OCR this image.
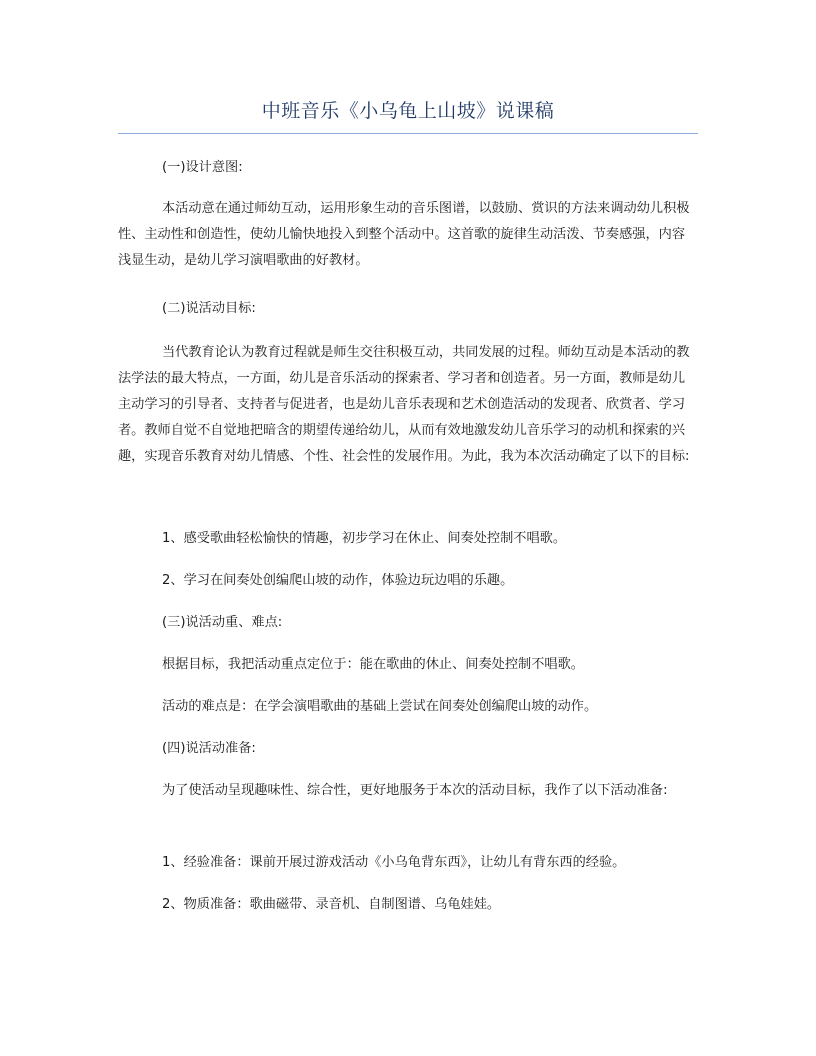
中班音乐《小乌龟上山坡》说课稿

(一)设计意图:

本活动意在通过师幼互动，运用形象生动的音乐图谱，以鼓励、赏识的方法来调动幼儿积极性、主动性和创造性，使幼儿愉快地投入到整个活动中。这首歌的旋律生动活泼、节奏感强，内容浅显生动，是幼儿学习演唱歌曲的好教材。

(二)说活动目标:

当代教育论认为教育过程就是师生交往积极互动，共同发展的过程。师幼互动是本活动的教法学法的最大特点，一方面，幼儿是音乐活动的探索者、学习者和创造者。另一方面，教师是幼儿主动学习的引导者、支持者与促进者，也是幼儿音乐表现和艺术创造活动的发现者、欣赏者、学习者。教师自觉不自觉地把暗含的期望传递给幼儿，从而有效地激发幼儿音乐学习的动机和探索的兴趣，实现音乐教育对幼儿情感、个性、社会性的发展作用。为此，我为本次活动确定了以下的目标:

1、感受歌曲轻松愉快的情趣，初步学习在休止、间奏处控制不唱歌。

2、学习在间奏处创编爬山坡的动作，体验边玩边唱的乐趣。

(三)说活动重、难点:

根据目标，我把活动重点定位于：能在歌曲的休止、间奏处控制不唱歌。

活动的难点是：在学会演唱歌曲的基础上尝试在间奏处创编爬山坡的动作。

(四)说活动准备:

为了使活动呈现趣味性、综合性，更好地服务于本次的活动目标，我作了以下活动准备:

1、经验准备：课前开展过游戏活动《小乌龟背东西》，让幼儿有背东西的经验。

2、物质准备：歌曲磁带、录音机、自制图谱、乌龟娃娃。
